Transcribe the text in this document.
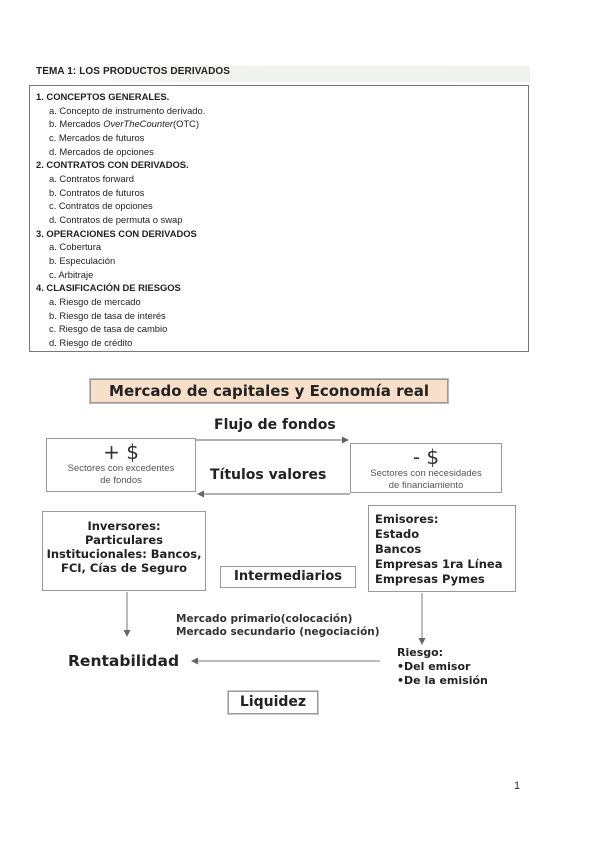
TEMA 1: LOS PRODUCTOS DERIVADOS
1. CONCEPTOS GENERALES.
a. Concepto de instrumento derivado.
b. Mercados OverTheCounter(OTC)
c. Mercados de futuros
d. Mercados de opciones
2. CONTRATOS CON DERIVADOS.
a. Contratos forward
b. Contratos de futuros
c. Contratos de opciones
d. Contratos de permuta o swap
3. OPERACIONES CON DERIVADOS
a. Cobertura
b. Especulación
c. Arbitraje
4. CLASIFICACIÓN DE RIESGOS
a. Riesgo de mercado
b. Riesgo de tasa de interés
c. Riesgo de tasa de cambio
d. Riesgo de crédito
Mercado de capitales y Economía real
Flujo de fondos
+ $
Sectores con excedentes
de fondos
- $
Sectores con necesidades
de financiamiento
Títulos valores
Inversores:
Particulares
Institucionales: Bancos,
FCI, Cías de Seguro
Emisores:
Estado
Bancos
Empresas 1ra Línea
Empresas Pymes
Intermediarios
Mercado primario(colocación)
Mercado secundario (negociación)
Rentabilidad	Riesgo:
•Del emisor
•De la emisión
Liquidez
1
